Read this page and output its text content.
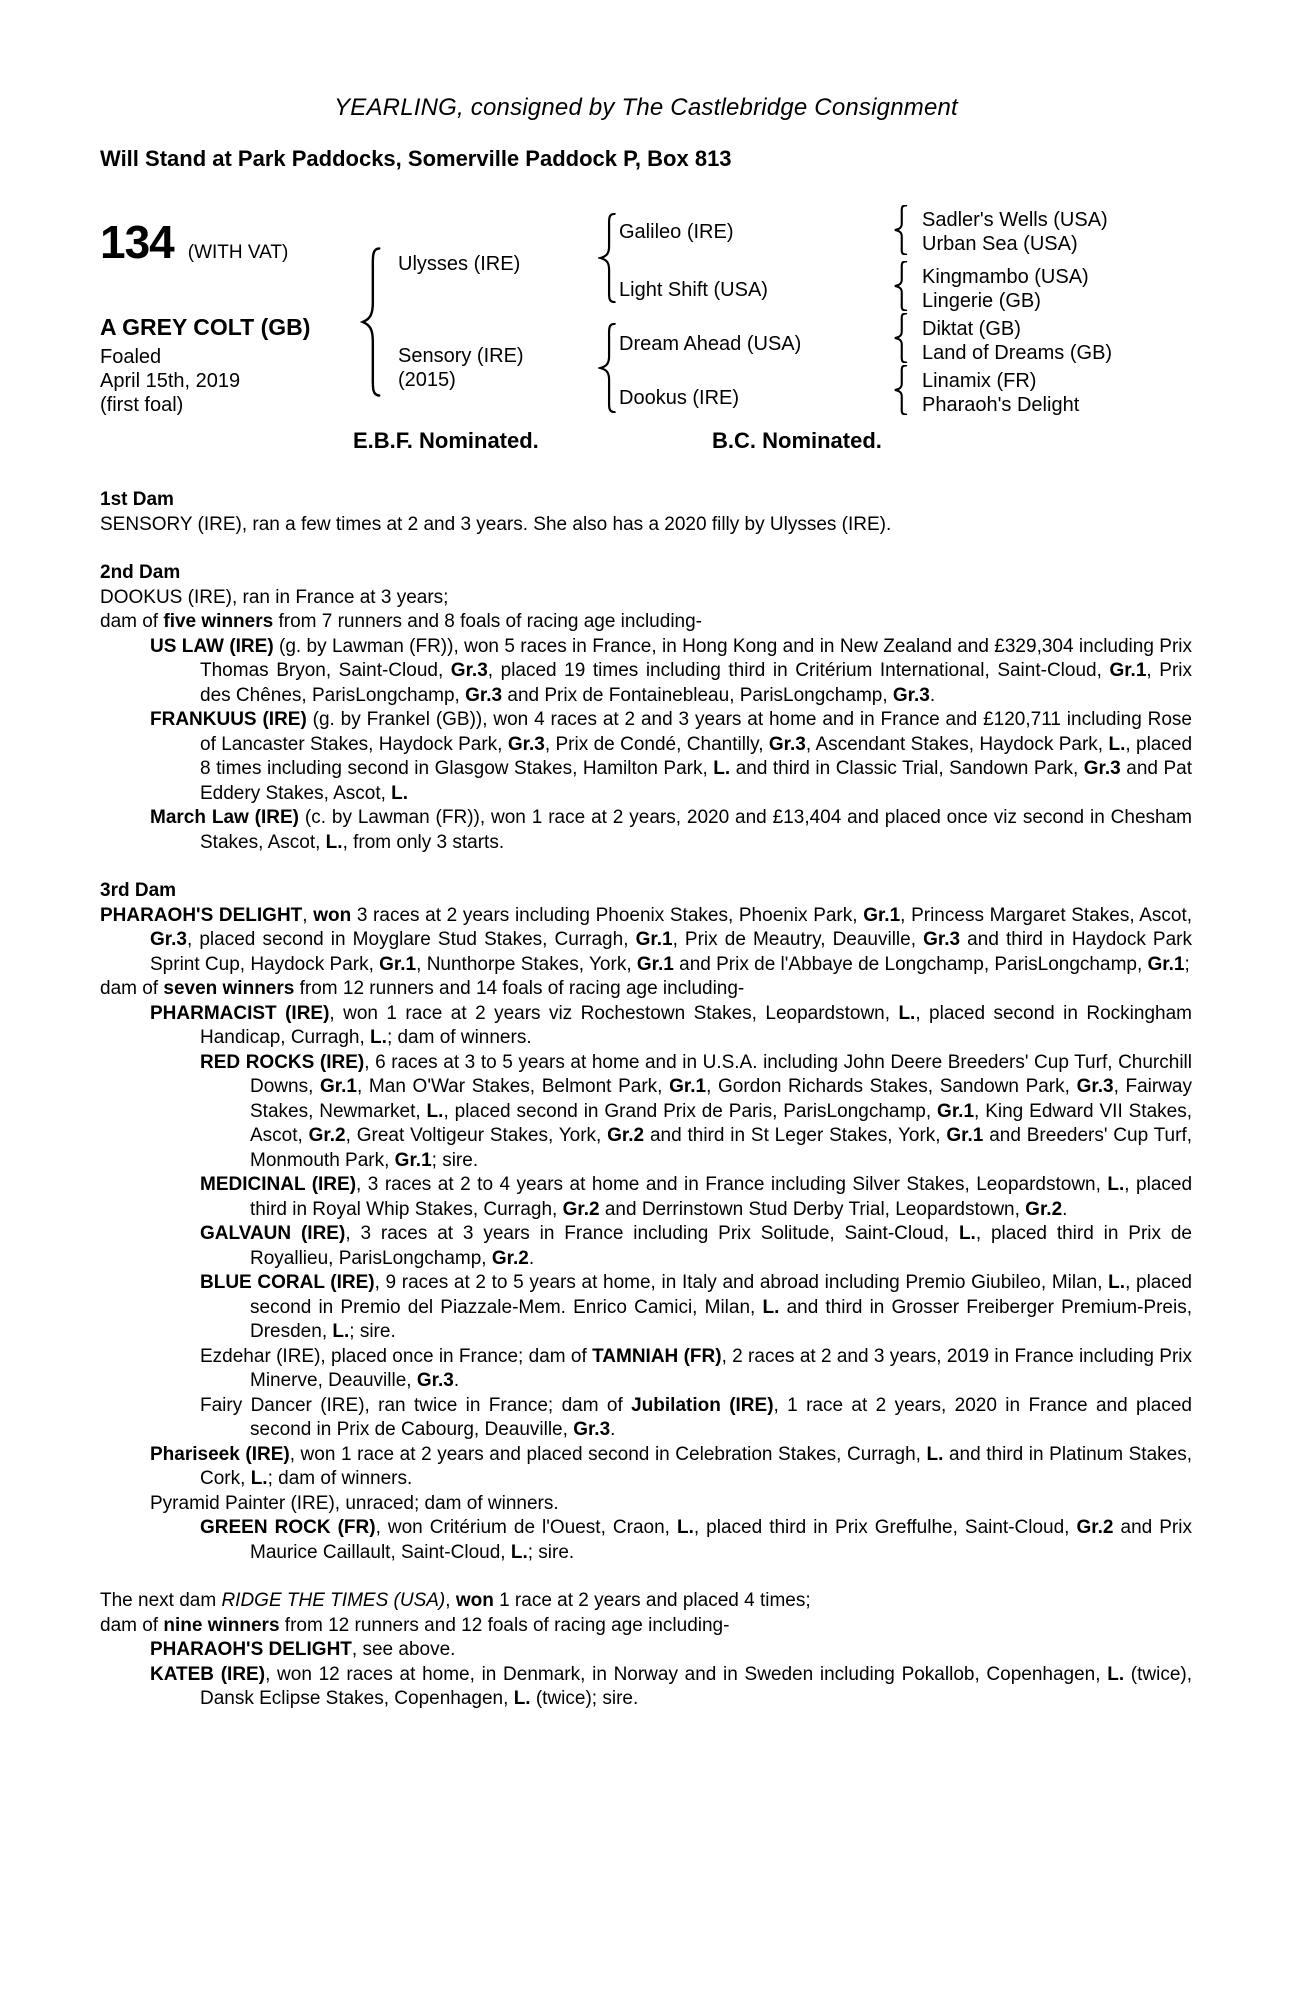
YEARLING, consigned by The Castlebridge Consignment
Will Stand at Park Paddocks, Somerville Paddock P, Box 813
134 (WITH VAT)
A GREY COLT (GB)
Foaled
April 15th, 2019
(first foal)
Ulysses (IRE)
Sensory (IRE)
(2015)
Galileo (IRE)
Light Shift (USA)
Dream Ahead (USA)
Dookus (IRE)
Sadler's Wells (USA)
Urban Sea (USA)
Kingmambo (USA)
Lingerie (GB)
Diktat (GB)
Land of Dreams (GB)
Linamix (FR)
Pharaoh's Delight
E.B.F. Nominated.	B.C. Nominated.
1st Dam
SENSORY (IRE), ran a few times at 2 and 3 years. She also has a 2020 filly by Ulysses (IRE).
2nd Dam
DOOKUS (IRE), ran in France at 3 years;
dam of five winners from 7 runners and 8 foals of racing age including-
US LAW (IRE) (g. by Lawman (FR)), won 5 races in France, in Hong Kong and in New Zealand and £329,304 including Prix Thomas Bryon, Saint-Cloud, Gr.3, placed 19 times including third in Critérium International, Saint-Cloud, Gr.1, Prix des Chênes, ParisLongchamp, Gr.3 and Prix de Fontainebleau, ParisLongchamp, Gr.3.
FRANKUUS (IRE) (g. by Frankel (GB)), won 4 races at 2 and 3 years at home and in France and £120,711 including Rose of Lancaster Stakes, Haydock Park, Gr.3, Prix de Condé, Chantilly, Gr.3, Ascendant Stakes, Haydock Park, L., placed 8 times including second in Glasgow Stakes, Hamilton Park, L. and third in Classic Trial, Sandown Park, Gr.3 and Pat Eddery Stakes, Ascot, L.
March Law (IRE) (c. by Lawman (FR)), won 1 race at 2 years, 2020 and £13,404 and placed once viz second in Chesham Stakes, Ascot, L., from only 3 starts.
3rd Dam
PHARAOH'S DELIGHT, won 3 races at 2 years including Phoenix Stakes, Phoenix Park, Gr.1, Princess Margaret Stakes, Ascot, Gr.3, placed second in Moyglare Stud Stakes, Curragh, Gr.1, Prix de Meautry, Deauville, Gr.3 and third in Haydock Park Sprint Cup, Haydock Park, Gr.1, Nunthorpe Stakes, York, Gr.1 and Prix de l'Abbaye de Longchamp, ParisLongchamp, Gr.1;
dam of seven winners from 12 runners and 14 foals of racing age including-
PHARMACIST (IRE), won 1 race at 2 years viz Rochestown Stakes, Leopardstown, L., placed second in Rockingham Handicap, Curragh, L.; dam of winners.
RED ROCKS (IRE), 6 races at 3 to 5 years at home and in U.S.A. including John Deere Breeders' Cup Turf, Churchill Downs, Gr.1, Man O'War Stakes, Belmont Park, Gr.1, Gordon Richards Stakes, Sandown Park, Gr.3, Fairway Stakes, Newmarket, L., placed second in Grand Prix de Paris, ParisLongchamp, Gr.1, King Edward VII Stakes, Ascot, Gr.2, Great Voltigeur Stakes, York, Gr.2 and third in St Leger Stakes, York, Gr.1 and Breeders' Cup Turf, Monmouth Park, Gr.1; sire.
MEDICINAL (IRE), 3 races at 2 to 4 years at home and in France including Silver Stakes, Leopardstown, L., placed third in Royal Whip Stakes, Curragh, Gr.2 and Derrinstown Stud Derby Trial, Leopardstown, Gr.2.
GALVAUN (IRE), 3 races at 3 years in France including Prix Solitude, Saint-Cloud, L., placed third in Prix de Royallieu, ParisLongchamp, Gr.2.
BLUE CORAL (IRE), 9 races at 2 to 5 years at home, in Italy and abroad including Premio Giubileo, Milan, L., placed second in Premio del Piazzale-Mem. Enrico Camici, Milan, L. and third in Grosser Freiberger Premium-Preis, Dresden, L.; sire.
Ezdehar (IRE), placed once in France; dam of TAMNIAH (FR), 2 races at 2 and 3 years, 2019 in France including Prix Minerve, Deauville, Gr.3.
Fairy Dancer (IRE), ran twice in France; dam of Jubilation (IRE), 1 race at 2 years, 2020 in France and placed second in Prix de Cabourg, Deauville, Gr.3.
Phariseek (IRE), won 1 race at 2 years and placed second in Celebration Stakes, Curragh, L. and third in Platinum Stakes, Cork, L.; dam of winners.
Pyramid Painter (IRE), unraced; dam of winners.
GREEN ROCK (FR), won Critérium de l'Ouest, Craon, L., placed third in Prix Greffulhe, Saint-Cloud, Gr.2 and Prix Maurice Caillault, Saint-Cloud, L.; sire.
The next dam RIDGE THE TIMES (USA), won 1 race at 2 years and placed 4 times;
dam of nine winners from 12 runners and 12 foals of racing age including-
PHARAOH'S DELIGHT, see above.
KATEB (IRE), won 12 races at home, in Denmark, in Norway and in Sweden including Pokallob, Copenhagen, L. (twice), Dansk Eclipse Stakes, Copenhagen, L. (twice); sire.
